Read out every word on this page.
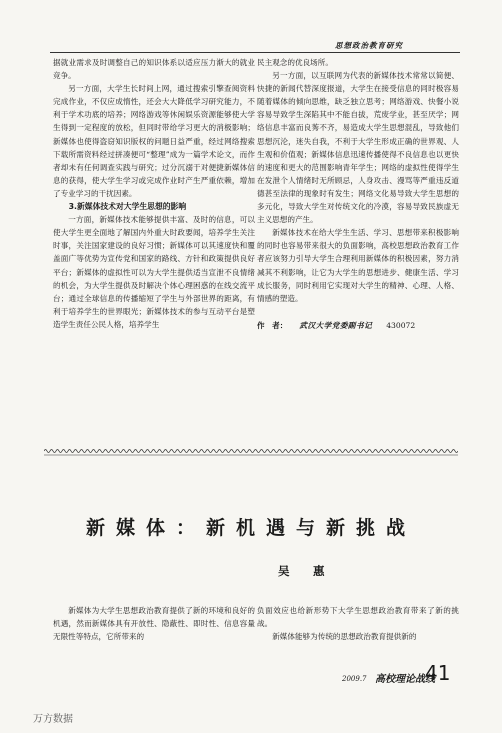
思想政治教育研究

据就业需求及时调整自己的知识体系以适应压力渐大的就业竞争。

另一方面，大学生长时间上网，通过搜索引擎查阅资料完成作业，不仅应成惰性，还会大大降低学习研究能力，不利于学术功底的培养；网络游戏等休闲娱乐资源能够使大学生得到一定程度的放松，但同时带给学习更大的消极影响；新媒体也使得盗窃知识版权的问题日益严重，经过网络搜索下载所需资料经过拼凑便可“整理”成为一篇学术论文，而作者却未有任何调查实践与研究；过分沉溺于对便捷新媒体信息的获得，使大学生学习或完成作业时产生严重依赖，增加了专业学习的干扰因素。

3.新媒体技术对大学生思想的影响

一方面，新媒体技术能够提供丰富、及时的信息，可以使大学生更全面地了解国内外重大时政要闻，培养学生关注时事，关注国家建设的良好习惯；新媒体可以其速度快和覆盖面广等优势为宣传党和国家的路线、方针和政策提供良好平台；新媒体的虚拟性可以为大学生提供适当宣泄不良情绪的机会，为大学生提供及时解决个体心理困惑的在线交流平台；通过全球信息的传播缩短了学生与外部世界的距离，有利于培养学生的世界眼光；新媒体技术的参与互动平台是塑造学生责任公民人格，培养学生

民主观念的优良场所。

另一方面，以互联网为代表的新媒体技术常常以简便、快捷的新闻代替深度报道，大学生在接受信息的同时极容易随着媒体的倾向思维，缺乏独立思考；网络游戏、快餐小说容易导致学生深陷其中不能自拔，荒废学业，甚至厌学；网络信息丰富而良莠不齐，易造成大学生思想混乱，导致他们思想沉沦，迷失自我，不利于大学生形成正确的世界观、人生观和价值观；新媒体信息迅速传播使得不良信息也以更快的速度和更大的范围影响青年学生；网络的虚拟性使得学生在发泄个人情绪时无所顾忌，人身攻击、漫骂等严重违反道德甚至法律的现象时有发生；网络文化易导致大学生思想的多元化，导致大学生对传统文化的冷漠，容易导致民族虚无主义思想的产生。

新媒体技术在给大学生生活、学习、思想带来积极影响的同时也容易带来很大的负面影响，高校思想政治教育工作者应该努力引导大学生合理利用新媒体的积极因素，努力消减其不利影响，让它为大学生的思想进步、健康生活、学习成长服务，同时利用它实现对大学生的精神、心理、人格、情感的塑造。

作　者： 武汉大学党委副书记 430072
新媒体：新机遇与新挑战
吴　惠

新媒体为大学生思想政治教育提供了新的环境和良好的机遇，然而新媒体具有开放性、隐蔽性、即时性、信息容量无限性等特点，它所带来的

负面效应也给新形势下大学生思想政治教育带来了新的挑战。

新媒体能够为传统的思想政治教育提供新的

2009.7 高校理论战线
41
万方数据
